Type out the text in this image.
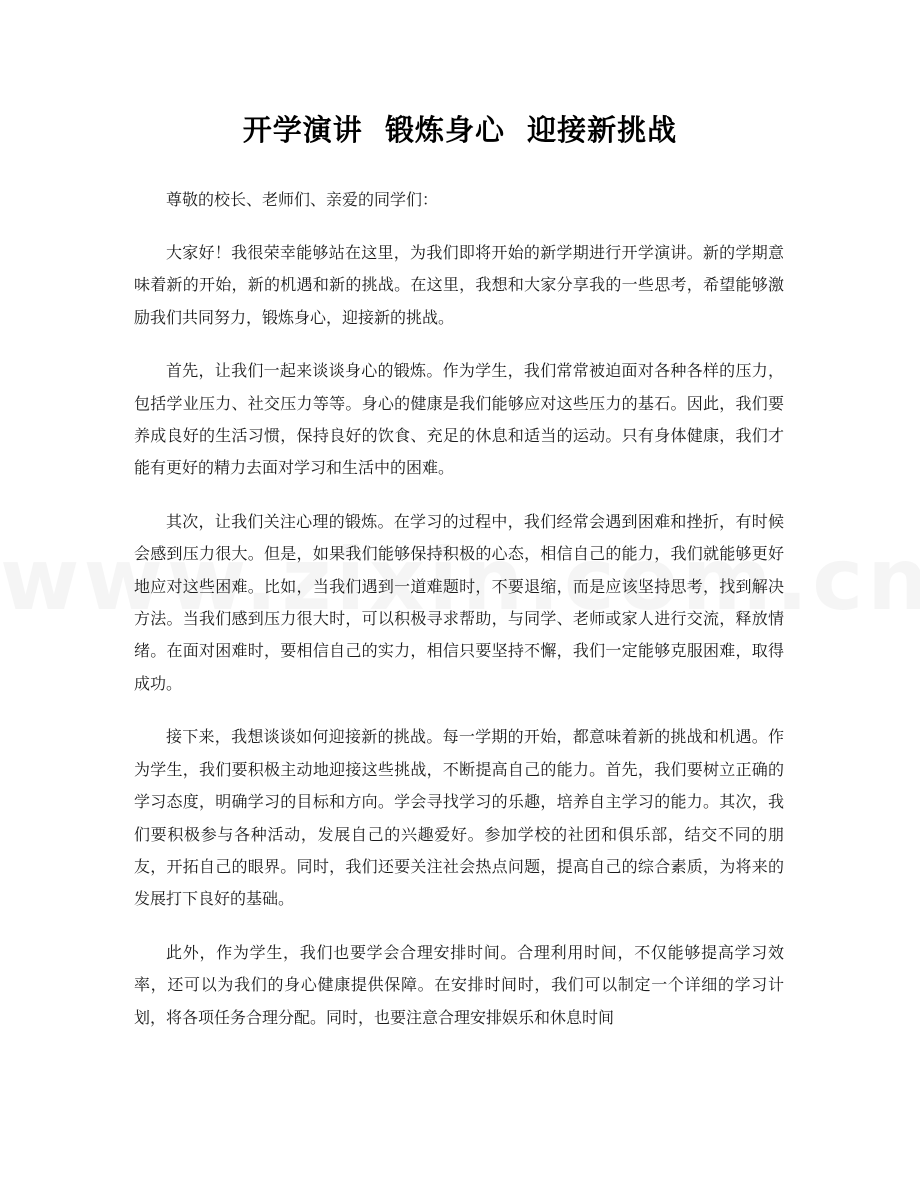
开学演讲  锻炼身心  迎接新挑战

尊敬的校长、老师们、亲爱的同学们：

大家好！我很荣幸能够站在这里，为我们即将开始的新学期进行开学演讲。新的学期意味着新的开始，新的机遇和新的挑战。在这里，我想和大家分享我的一些思考，希望能够激励我们共同努力，锻炼身心，迎接新的挑战。

首先，让我们一起来谈谈身心的锻炼。作为学生，我们常常被迫面对各种各样的压力，包括学业压力、社交压力等等。身心的健康是我们能够应对这些压力的基石。因此，我们要养成良好的生活习惯，保持良好的饮食、充足的休息和适当的运动。只有身体健康，我们才能有更好的精力去面对学习和生活中的困难。

其次，让我们关注心理的锻炼。在学习的过程中，我们经常会遇到困难和挫折，有时候会感到压力很大。但是，如果我们能够保持积极的心态，相信自己的能力，我们就能够更好地应对这些困难。比如，当我们遇到一道难题时，不要退缩，而是应该坚持思考，找到解决方法。当我们感到压力很大时，可以积极寻求帮助，与同学、老师或家人进行交流，释放情绪。在面对困难时，要相信自己的实力，相信只要坚持不懈，我们一定能够克服困难，取得成功。

接下来，我想谈谈如何迎接新的挑战。每一学期的开始，都意味着新的挑战和机遇。作为学生，我们要积极主动地迎接这些挑战，不断提高自己的能力。首先，我们要树立正确的学习态度，明确学习的目标和方向。学会寻找学习的乐趣，培养自主学习的能力。其次，我们要积极参与各种活动，发展自己的兴趣爱好。参加学校的社团和俱乐部，结交不同的朋友，开拓自己的眼界。同时，我们还要关注社会热点问题，提高自己的综合素质，为将来的发展打下良好的基础。

此外，作为学生，我们也要学会合理安排时间。合理利用时间，不仅能够提高学习效率，还可以为我们的身心健康提供保障。在安排时间时，我们可以制定一个详细的学习计划，将各项任务合理分配。同时，也要注意合理安排娱乐和休息时间
